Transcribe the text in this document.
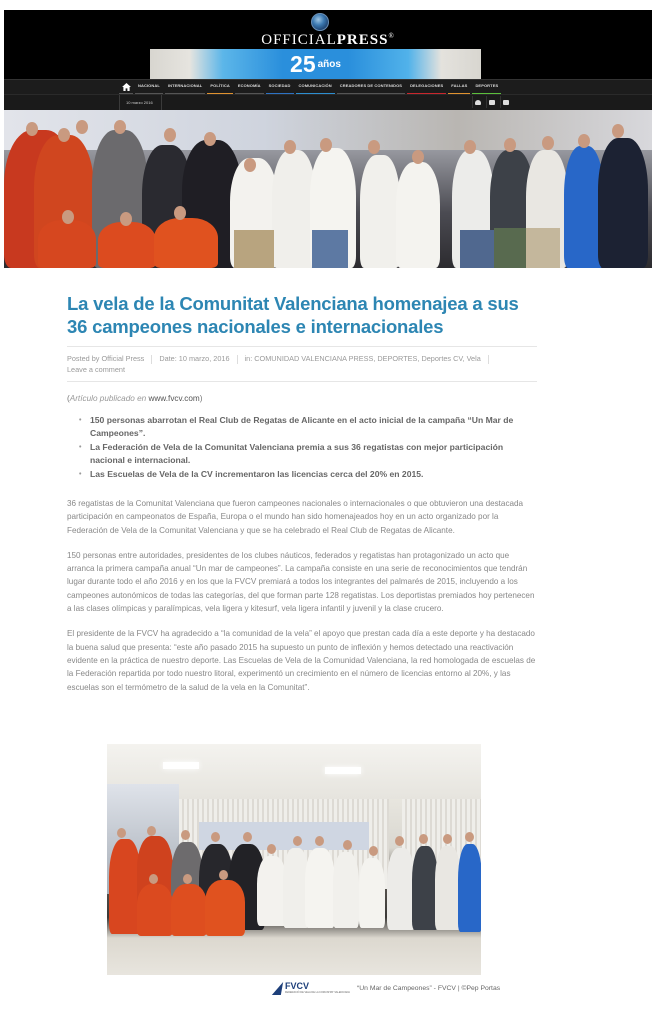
OFFICIALPRESS®
25 años
NACIONAL	INTERNACIONAL	POLÍTICA	ECONOMÍA	SOCIEDAD	COMUNICACIÓN	CREADORES DE CONTENIDOS	DELEGACIONES	FALLAS	DEPORTES
10 marzo 2016
La vela de la Comunitat Valenciana homenajea a sus 36 campeones nacionales e internacionales
Posted by Official Press Date: 10 marzo, 2016 in: COMUNIDAD VALENCIANA PRESS, DEPORTES, Deportes CV, Vela
Leave a comment

(Artículo publicado en www.fvcv.com)

• 150 personas abarrotan el Real Club de Regatas de Alicante en el acto inicial de la campaña “Un Mar de Campeones”.
• La Federación de Vela de la Comunitat Valenciana premia a sus 36 regatistas con mejor participación nacional e internacional.
• Las Escuelas de Vela de la CV incrementaron las licencias cerca del 20% en 2015.

36 regatistas de la Comunitat Valenciana que fueron campeones nacionales o internacionales o que obtuvieron una destacada participación en campeonatos de España, Europa o el mundo han sido homenajeados hoy en un acto organizado por la Federación de Vela de la Comunitat Valenciana y que se ha celebrado el Real Club de Regatas de Alicante.

150 personas entre autoridades, presidentes de los clubes náuticos, federados y regatistas han protagonizado un acto que arranca la primera campaña anual “Un mar de campeones”. La campaña consiste en una serie de reconocimientos que tendrán lugar durante todo el año 2016 y en los que la FVCV premiará a todos los integrantes del palmarés de 2015, incluyendo a los campeones autonómicos de todas las categorías, del que forman parte 128 regatistas. Los deportistas premiados hoy pertenecen a las clases olímpicas y paralímpicas, vela ligera y kitesurf, vela ligera infantil y juvenil y la clase crucero.

El presidente de la FVCV ha agradecido a “la comunidad de la vela” el apoyo que prestan cada día a este deporte y ha destacado la buena salud que presenta: “este año pasado 2015 ha supuesto un punto de inflexión y hemos detectado una reactivación evidente en la práctica de nuestro deporte. Las Escuelas de Vela de la Comunidad Valenciana, la red homologada de escuelas de la Federación repartida por todo nuestro litoral, experimentó un crecimiento en el número de licencias entorno al 20%, y las escuelas son el termómetro de la salud de la vela en la Comunitat”.

FVCV
FEDERACIÓ DE VELA DE LA COMUNITAT VALENCIANA
“Un Mar de Campeones” - FVCV | ©Pep Portas
